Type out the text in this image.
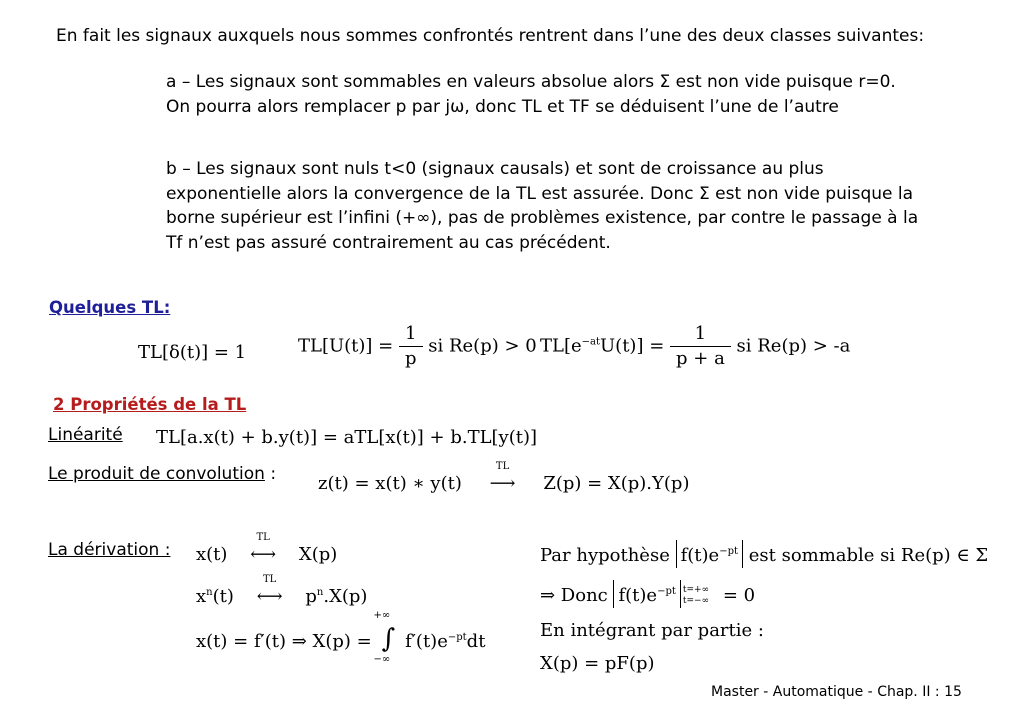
En fait les signaux auxquels nous sommes confrontés rentrent dans l’une des deux classes suivantes:
a – Les signaux sont sommables en valeurs absolue alors Σ est non vide puisque r=0. On pourra alors remplacer p par jω, donc TL et TF se déduisent l’une de l’autre
b – Les signaux sont nuls t<0 (signaux causals) et sont de croissance au plus exponentielle alors la convergence de la TL est assurée. Donc Σ est non vide puisque la borne supérieur est l’infini (+∞), pas de problèmes existence, par contre le passage à la Tf n’est pas assuré contrairement au cas précédent.
Quelques TL:
TL[δ(t)] = 1	$TL[U(t)] = \frac{1}{p}$ si Re(p) > 0 $TL[e^{-at}U(t)] = \frac{1}{p + a}$ si Re(p) > -a
2 Propriétés de la TL
Linéarité TL[a.x(t) + b.y(t)] = aTL[x(t)] + b.TL[y(t)]
Le produit de convolution : z(t) = x(t) ∗ y(t)
TL
⟶ Z(p) = X(p).Y(p)
La dérivation : x(t)
TL
⟷ X(p)
$x^n(t)$
TL
⟷ $p^n.X(p)$
x(t) = f′(t) ⇒ X(p) =
+∞
∫
−∞
$f'(t)e^{-pt}dt$
Par hypothèse $f(t)e^{-pt}$ est sommable si Re(p) ∈ Σ
⇒ Donc $f(t)e^{-pt}$ t=+∞
t=−∞ = 0
En intégrant par partie :
X(p) = pF(p)
Master - Automatique - Chap. II : 15
